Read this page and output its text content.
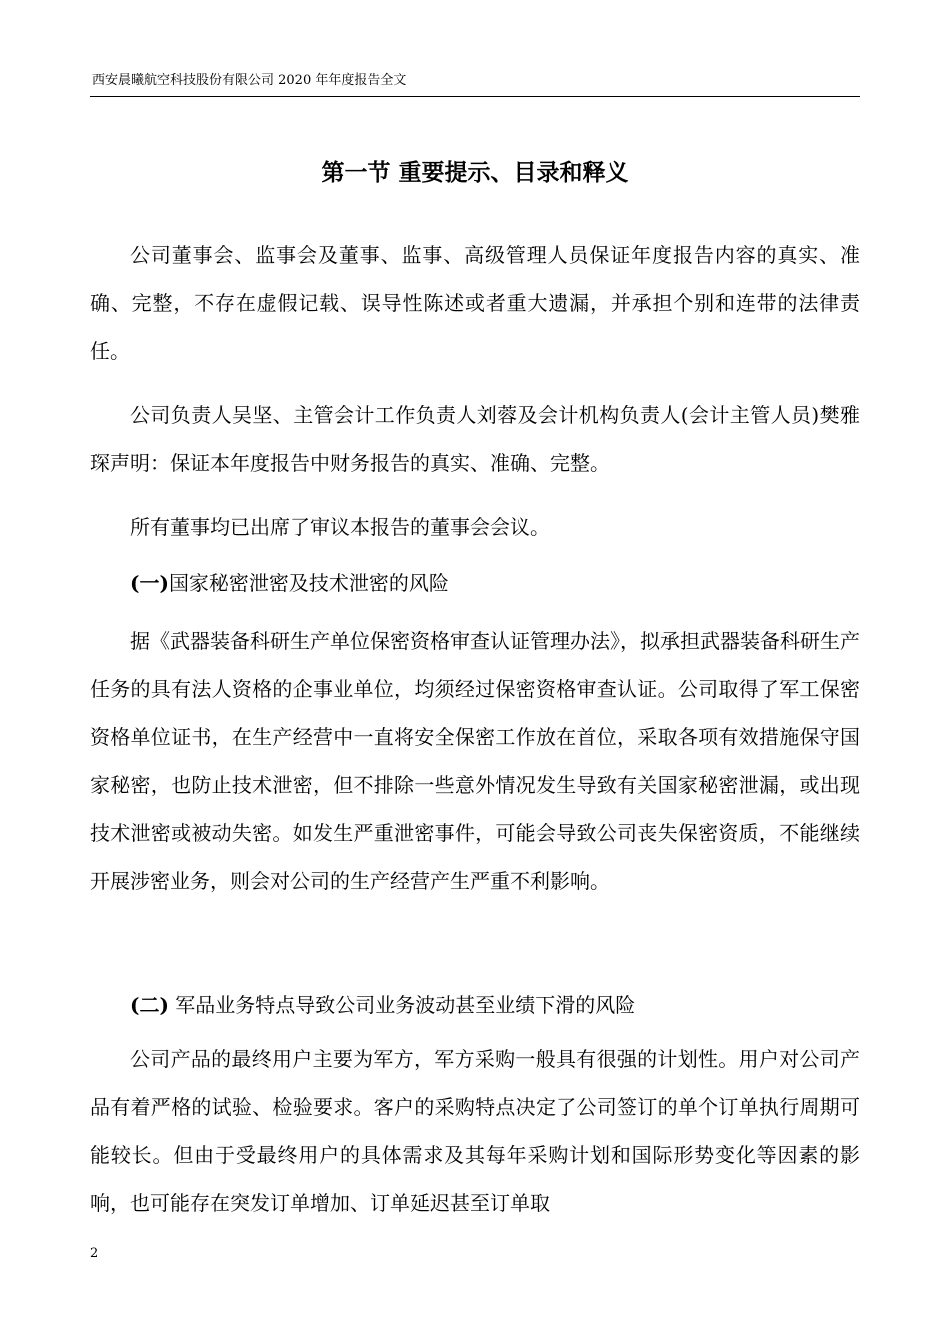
西安晨曦航空科技股份有限公司 2020 年年度报告全文
第一节 重要提示、目录和释义

公司董事会、监事会及董事、监事、高级管理人员保证年度报告内容的真实、准确、完整，不存在虚假记载、误导性陈述或者重大遗漏，并承担个别和连带的法律责任。

公司负责人吴坚、主管会计工作负责人刘蓉及会计机构负责人(会计主管人员)樊雅琛声明：保证本年度报告中财务报告的真实、准确、完整。

所有董事均已出席了审议本报告的董事会会议。

(一)国家秘密泄密及技术泄密的风险

据《武器装备科研生产单位保密资格审查认证管理办法》，拟承担武器装备科研生产任务的具有法人资格的企事业单位，均须经过保密资格审查认证。公司取得了军工保密资格单位证书，在生产经营中一直将安全保密工作放在首位，采取各项有效措施保守国家秘密，也防止技术泄密，但不排除一些意外情况发生导致有关国家秘密泄漏，或出现技术泄密或被动失密。如发生严重泄密事件，可能会导致公司丧失保密资质，不能继续开展涉密业务，则会对公司的生产经营产生严重不利影响。

(二) 军品业务特点导致公司业务波动甚至业绩下滑的风险

公司产品的最终用户主要为军方，军方采购一般具有很强的计划性。用户对公司产品有着严格的试验、检验要求。客户的采购特点决定了公司签订的单个订单执行周期可能较长。但由于受最终用户的具体需求及其每年采购计划和国际形势变化等因素的影响，也可能存在突发订单增加、订单延迟甚至订单取

2
